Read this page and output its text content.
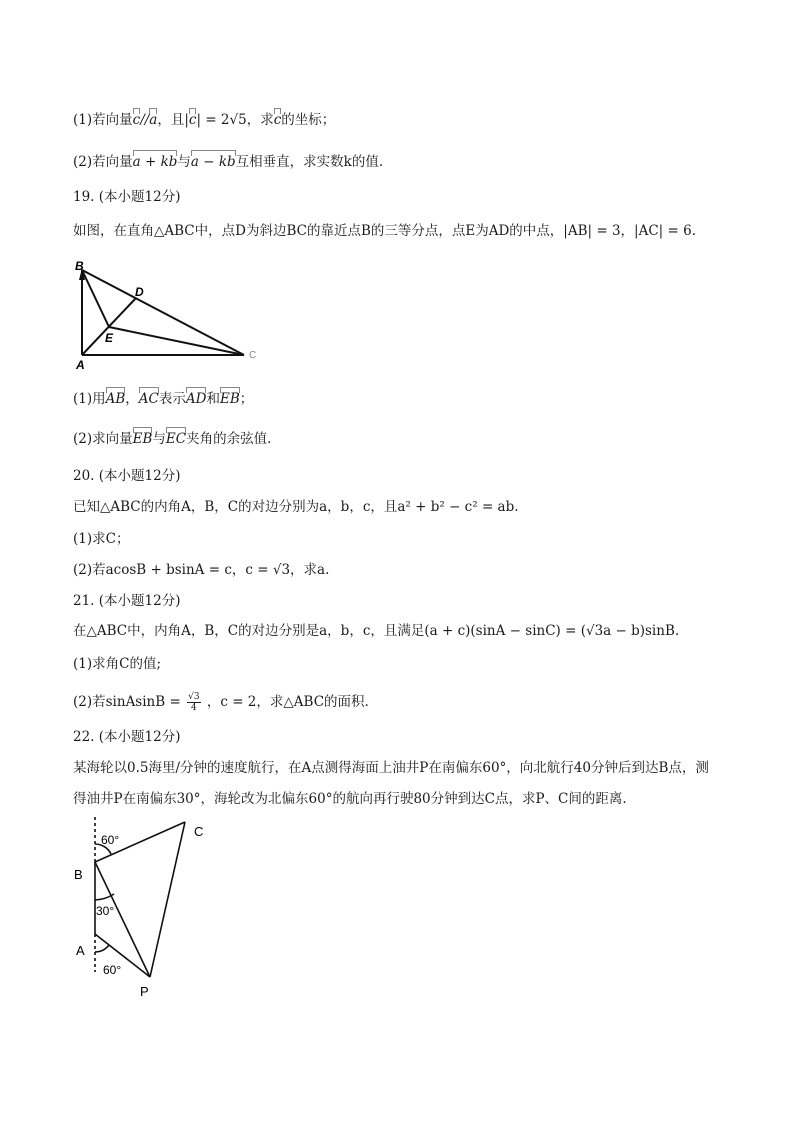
(1)若向量c//a，且|c| = 2√5，求c的坐标；
(2)若向量a + kb与a − kb互相垂直，求实数k的值.
19. (本小题12分)
如图，在直角△ABC中，点D为斜边BC的靠近点B的三等分点，点E为AD的中点，|AB| = 3，|AC| = 6.
B
D
E
A
C
(1)用AB，AC表示AD和EB；
(2)求向量EB与EC夹角的余弦值.
20. (本小题12分)
已知△ABC的内角A，B，C的对边分别为a，b，c，且a² + b² − c² = ab.
(1)求C；
(2)若acosB + bsinA = c，c = √3，求a.
21. (本小题12分)
在△ABC中，内角A，B，C的对边分别是a，b，c，且满足(a + c)(sinA − sinC) = (√3a − b)sinB.
(1)求角C的值;
(2)若sinAsinB = $\frac{√3}{4}$ ，c = 2，求△ABC的面积.
22. (本小题12分)
某海轮以0.5海里/分钟的速度航行，在A点测得海面上油井P在南偏东60°，向北航行40分钟后到达B点，测
得油井P在南偏东30°，海轮改为北偏东60°的航向再行驶80分钟到达C点，求P、C间的距离.
60°
30°
60°
B
A
P
C
